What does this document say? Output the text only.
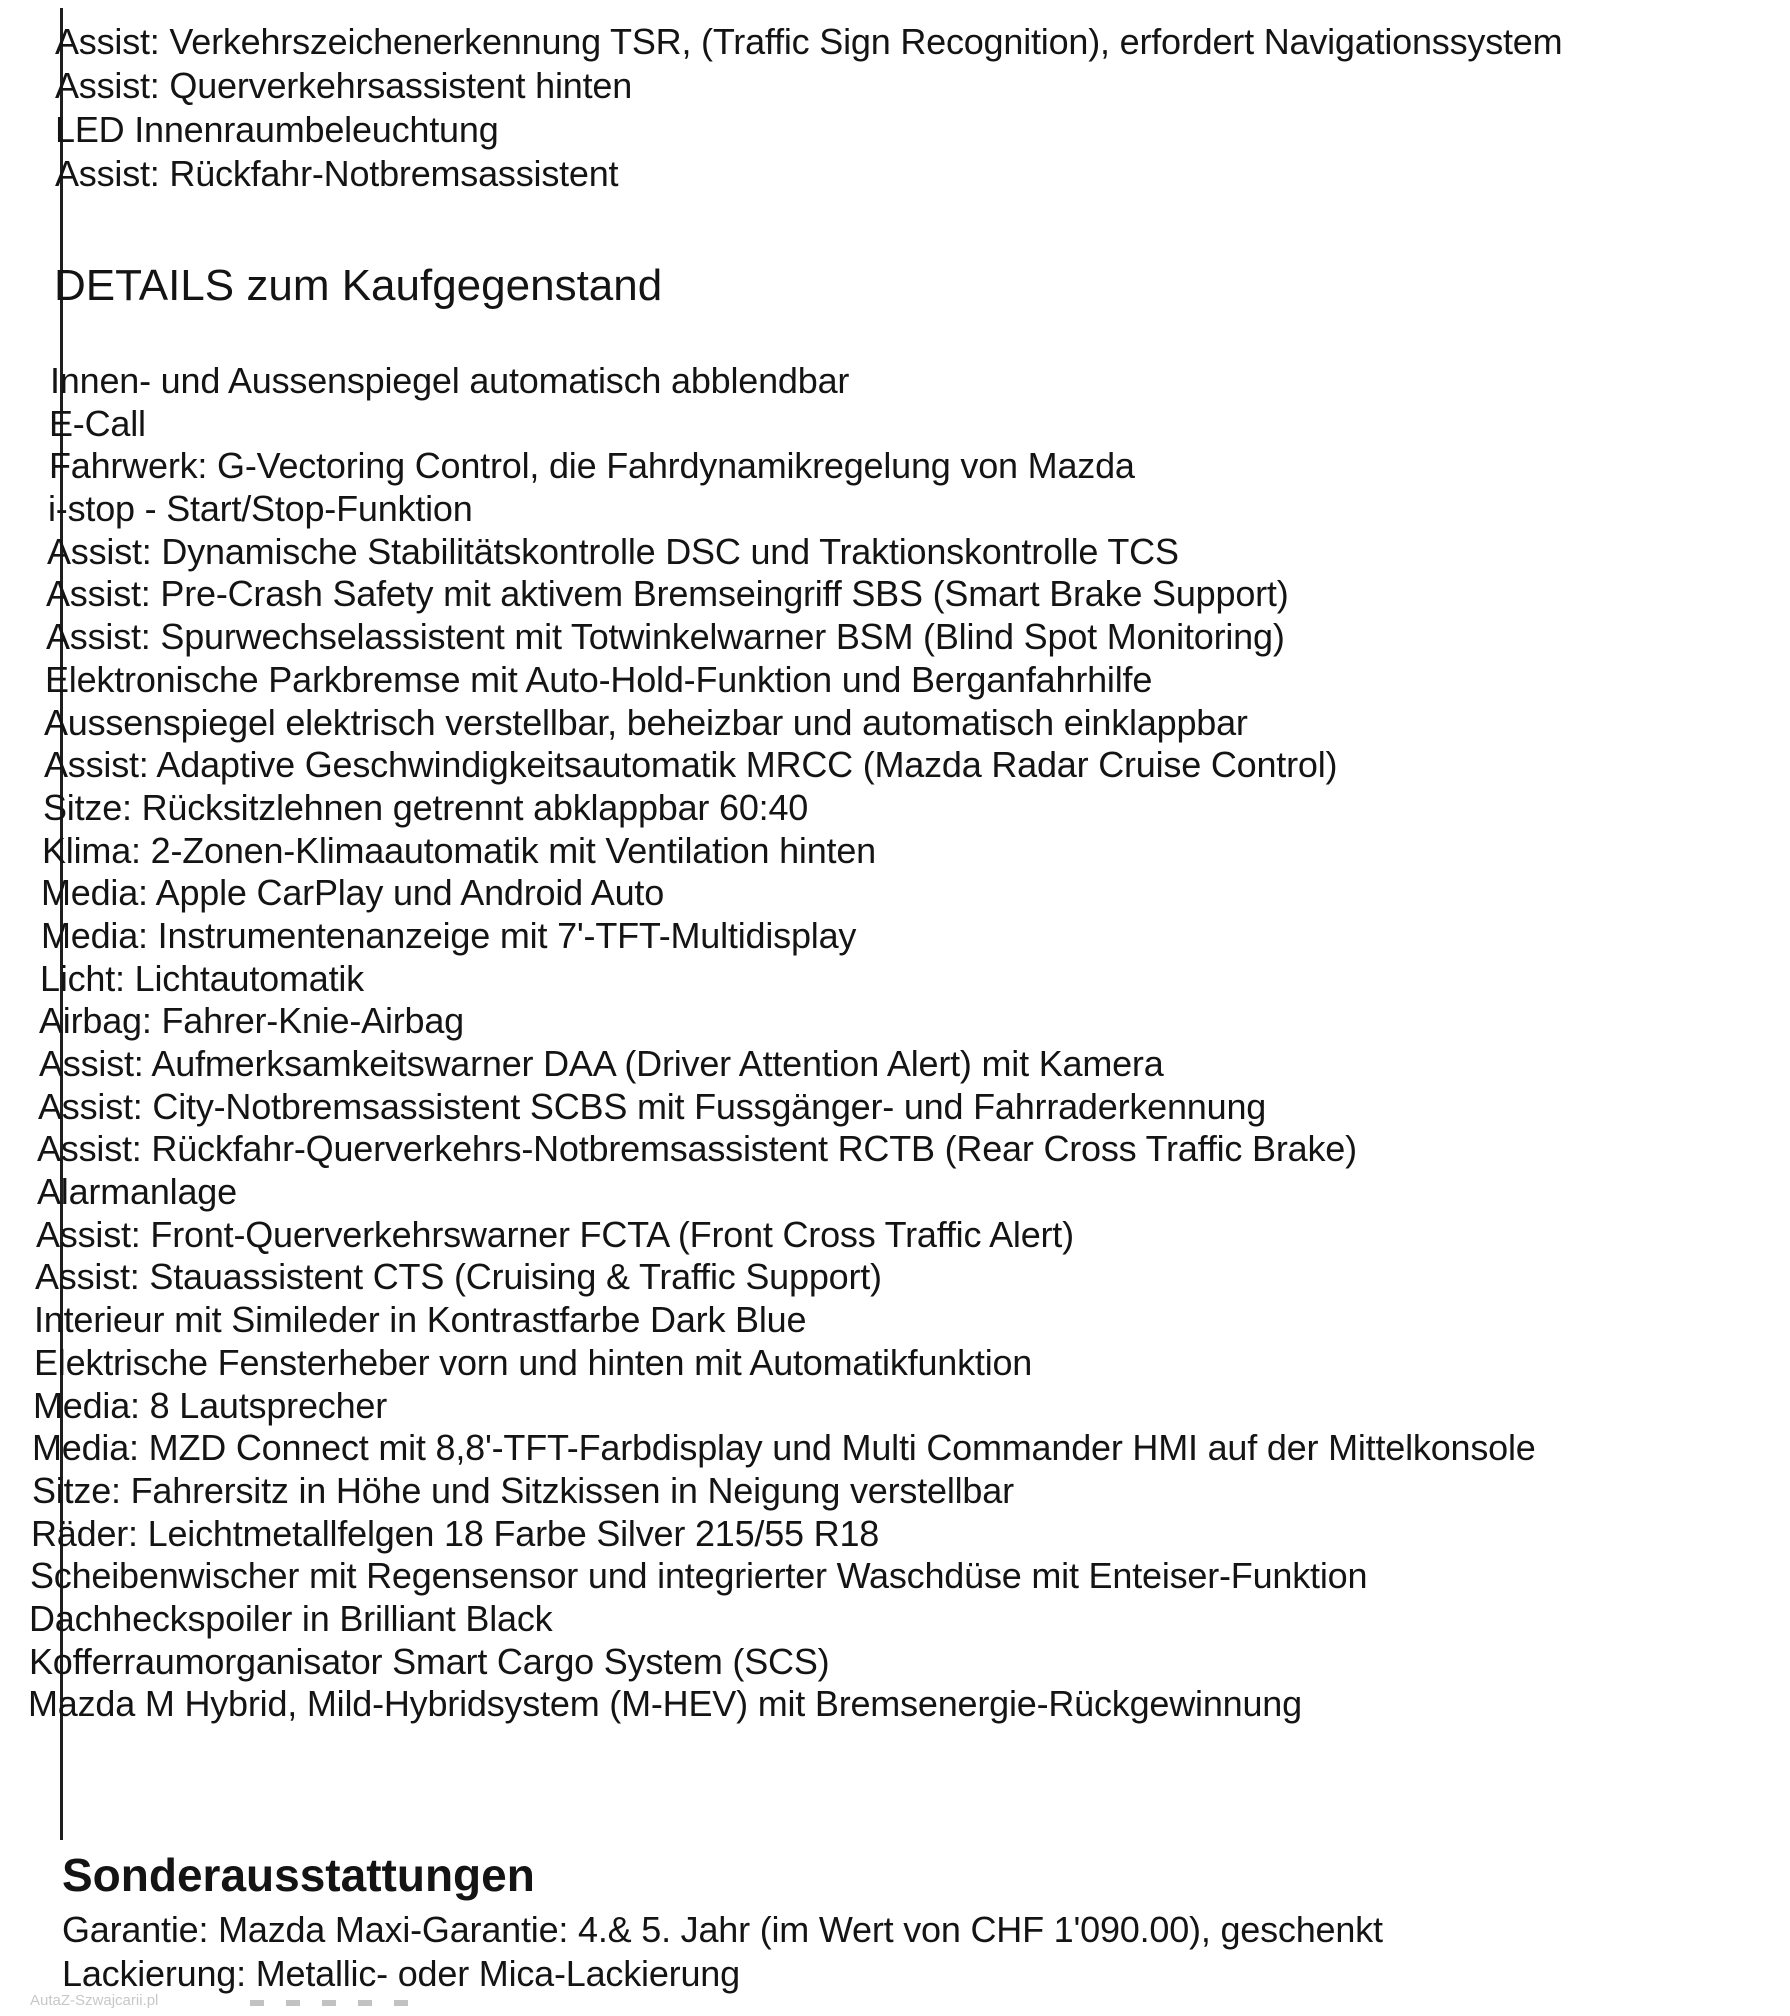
Assist: Verkehrszeichenerkennung TSR, (Traffic Sign Recognition), erfordert Navigationssystem
Assist: Querverkehrsassistent hinten
LED Innenraumbeleuchtung
Assist: Rückfahr-Notbremsassistent
DETAILS zum Kaufgegenstand
Innen- und Aussenspiegel automatisch abblendbar
E-Call
Fahrwerk: G-Vectoring Control, die Fahrdynamikregelung von Mazda
i-stop - Start/Stop-Funktion
Assist: Dynamische Stabilitätskontrolle DSC und Traktionskontrolle TCS
Assist: Pre-Crash Safety mit aktivem Bremseingriff SBS (Smart Brake Support)
Assist: Spurwechselassistent mit Totwinkelwarner BSM (Blind Spot Monitoring)
Elektronische Parkbremse mit Auto-Hold-Funktion und Berganfahrhilfe
Aussenspiegel elektrisch verstellbar, beheizbar und automatisch einklappbar
Assist: Adaptive Geschwindigkeitsautomatik MRCC (Mazda Radar Cruise Control)
Sitze: Rücksitzlehnen getrennt abklappbar 60:40
Klima: 2-Zonen-Klimaautomatik mit Ventilation hinten
Media: Apple CarPlay und Android Auto
Media: Instrumentenanzeige mit 7'-TFT-Multidisplay
Licht: Lichtautomatik
Airbag: Fahrer-Knie-Airbag
Assist: Aufmerksamkeitswarner DAA (Driver Attention Alert) mit Kamera
Assist: City-Notbremsassistent SCBS mit Fussgänger- und Fahrraderkennung
Assist: Rückfahr-Querverkehrs-Notbremsassistent RCTB (Rear Cross Traffic Brake)
Alarmanlage
Assist: Front-Querverkehrswarner FCTA (Front Cross Traffic Alert)
Assist: Stauassistent CTS (Cruising & Traffic Support)
Interieur mit Simileder in Kontrastfarbe Dark Blue
Elektrische Fensterheber vorn und hinten mit Automatikfunktion
Media: 8 Lautsprecher
Media: MZD Connect mit 8,8'-TFT-Farbdisplay und Multi Commander HMI auf der Mittelkonsole
Sitze: Fahrersitz in Höhe und Sitzkissen in Neigung verstellbar
Räder: Leichtmetallfelgen 18 Farbe Silver 215/55 R18
Scheibenwischer mit Regensensor und integrierter Waschdüse mit Enteiser-Funktion
Dachheckspoiler in Brilliant Black
Kofferraumorganisator Smart Cargo System (SCS)
Mazda M Hybrid, Mild-Hybridsystem (M-HEV) mit Bremsenergie-Rückgewinnung
Sonderausstattungen
Garantie: Mazda Maxi-Garantie: 4.& 5. Jahr (im Wert von CHF 1'090.00), geschenkt
Lackierung: Metallic- oder Mica-Lackierung
AutaZ-Szwajcarii.pl
